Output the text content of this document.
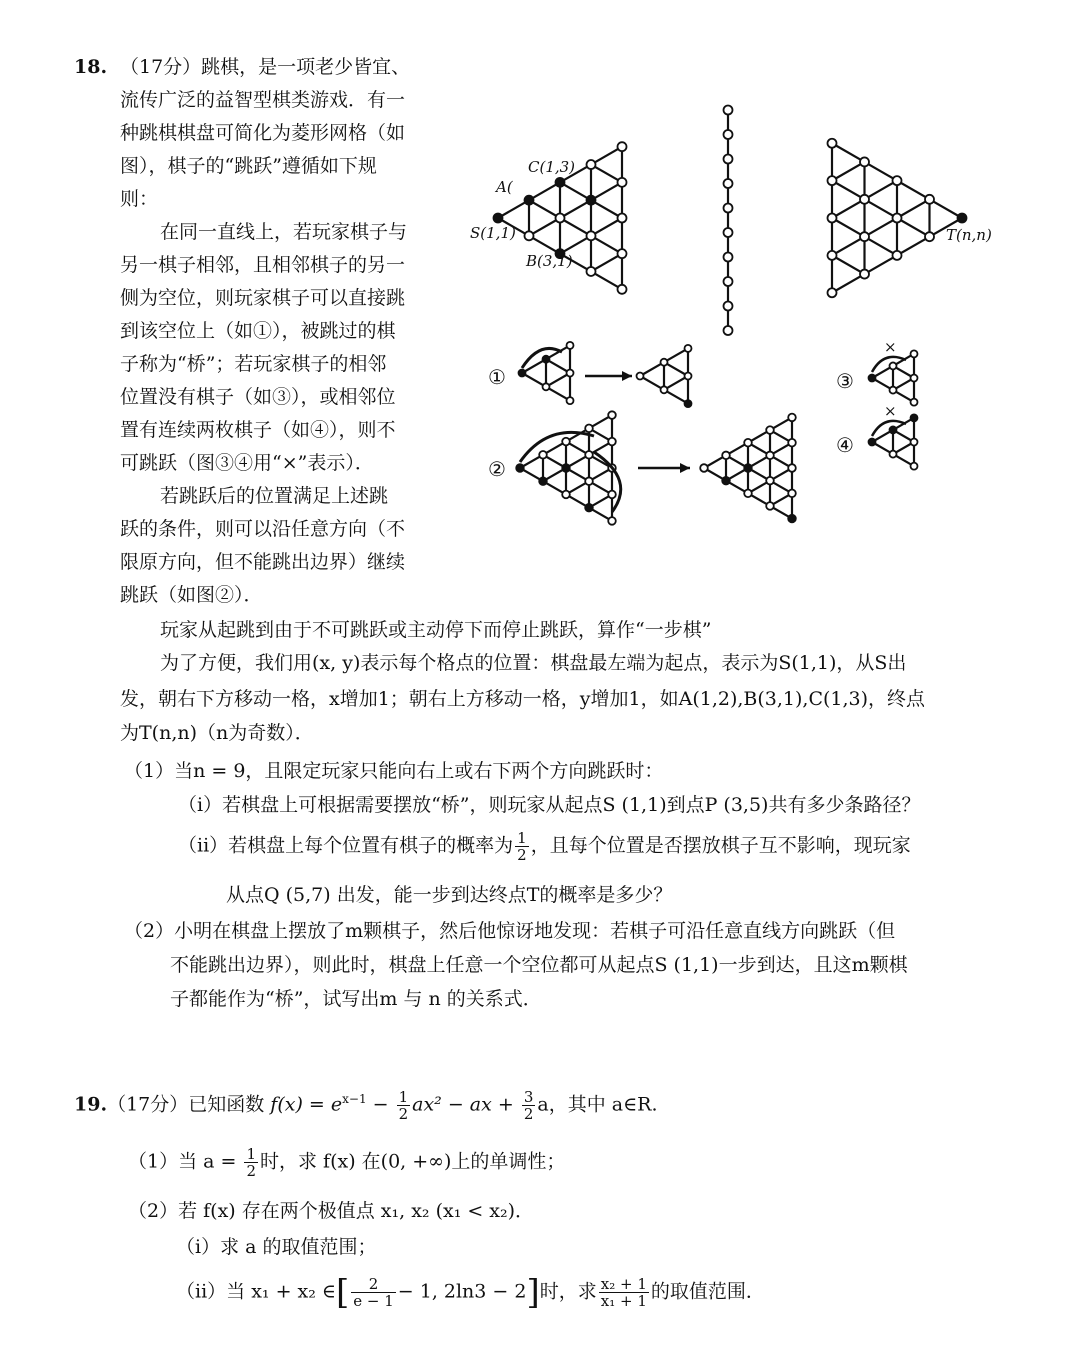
18. （17分）跳棋，是一项老少皆宜、
流传广泛的益智型棋类游戏．有一
种跳棋棋盘可简化为菱形网格（如
图），棋子的“跳跃”遵循如下规
则：
在同一直线上，若玩家棋子与
另一棋子相邻，且相邻棋子的另一
侧为空位，则玩家棋子可以直接跳
到该空位上（如①），被跳过的棋
子称为“桥”；若玩家棋子的相邻
位置没有棋子（如③），或相邻位
置有连续两枚棋子（如④），则不
可跳跃（图③④用“×”表示）．
若跳跃后的位置满足上述跳
跃的条件，则可以沿任意方向（不
限原方向，但不能跳出边界）继续
跳跃（如图②）．
玩家从起跳到由于不可跳跃或主动停下而停止跳跃，算作“一步棋”
为了方便，我们用(x, y)表示每个格点的位置：棋盘最左端为起点，表示为S(1,1)，从S出
发，朝右下方移动一格，x增加1；朝右上方移动一格，y增加1，如A(1,2),B(3,1),C(1,3)，终点
为T(n,n)（n为奇数）．
（1）当n = 9，且限定玩家只能向右上或右下两个方向跳跃时：
（i）若棋盘上可根据需要摆放“桥”，则玩家从起点S (1,1)到点P (3,5)共有多少条路径？
（ii）若棋盘上每个位置有棋子的概率为 $\frac{1}{2}$ ，且每个位置是否摆放棋子互不影响，现玩家
从点Q (5,7) 出发，能一步到达终点T的概率是多少？
（2）小明在棋盘上摆放了m颗棋子，然后他惊讶地发现：若棋子可沿任意直线方向跳跃（但
不能跳出边界），则此时，棋盘上任意一个空位都可从起点S (1,1)一步到达，且这m颗棋
子都能作为“桥”，试写出m 与 n 的关系式．
19.（17分）已知函数 $f(x) = e^{x-1} - \frac{1}{2} ax^2$ − ax + $\frac{3}{2}$ a，其中 a∈R.
（1）当 $a = \frac{1}{2}$ 时，求 f(x) 在(0, +∞)上的单调性；
（2）若 f(x) 存在两个极值点 x₁, x₂ (x₁ < x₂)．
（i）求 a 的取值范围；
（ii）当 x₁ + x₂ ∈[ $\frac{2}{e - 1} - 1$, 2ln3 − 2]时，求 $\frac{\text{x₂ + 1}}{\text{x₁ + 1}}$ 的取值范围．
S(1,1)
A(
C(1,3)
B(3,1)
T(n,n)
①
②
③
×
④
×
